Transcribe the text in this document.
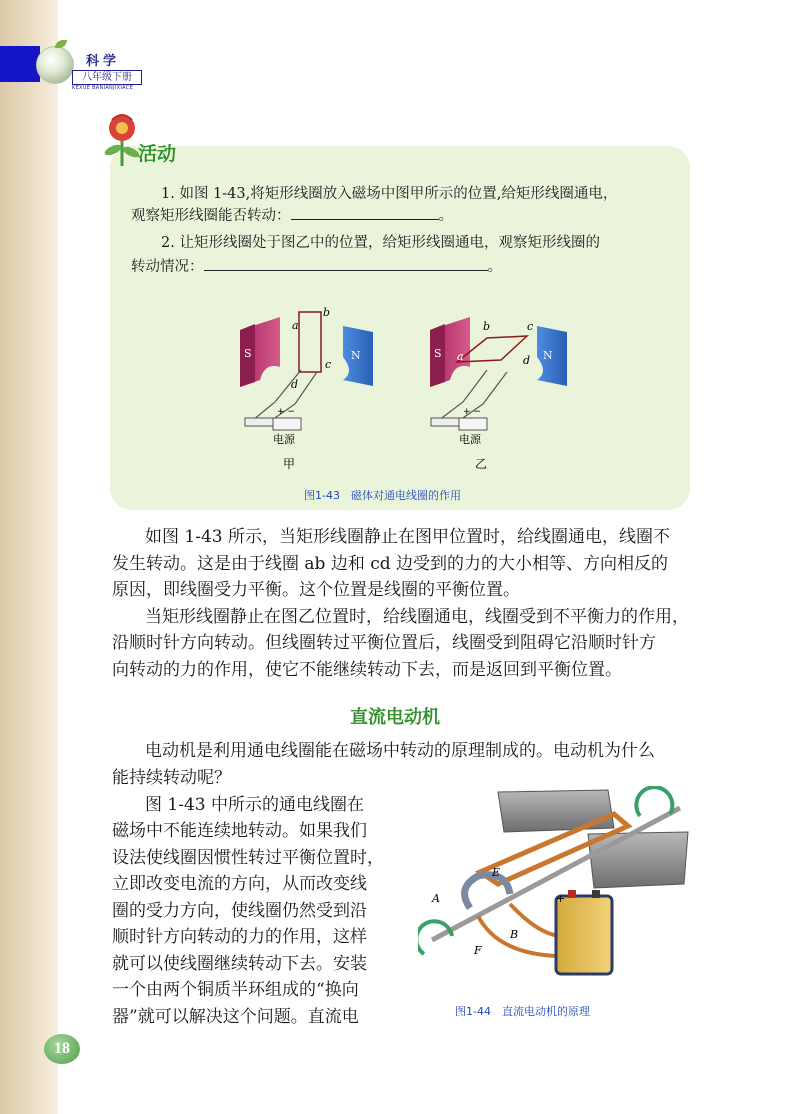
科学
八年级下册
KEXUE BANIANJIXIACE
活动
1. 如图 1-43,将矩形线圈放入磁场中图甲所示的位置,给矩形线圈通电，
观察矩形线圈能否转动：	。
2. 让矩形线圈处于图乙中的位置，给矩形线圈通电，观察矩形线圈的
转动情况：	。
S	N
a
b
c
d
+ −
电源
甲
S	N
a
b	c
d
+ −
电源
乙
图1-43　磁体对通电线圈的作用
如图 1-43 所示，当矩形线圈静止在图甲位置时，给线圈通电，线圈不
发生转动。这是由于线圈 ab 边和 cd 边受到的力的大小相等、方向相反的
原因，即线圈受力平衡。这个位置是线圈的平衡位置。
当矩形线圈静止在图乙位置时，给线圈通电，线圈受到不平衡力的作用，
沿顺时针方向转动。但线圈转过平衡位置后，线圈受到阻碍它沿顺时针方
向转动的力的作用，使它不能继续转动下去，而是返回到平衡位置。
直流电动机
电动机是利用通电线圈能在磁场中转动的原理制成的。电动机为什么
能持续转动呢？
图 1-43 中所示的通电线圈在
磁场中不能连续地转动。如果我们
设法使线圈因惯性转过平衡位置时，
立即改变电流的方向，从而改变线
圈的受力方向，使线圈仍然受到沿
顺时针方向转动的力的作用，这样
就可以使线圈继续转动下去。安装
一个由两个铜质半环组成的“换向
器”就可以解决这个问题。直流电
A
B
E
F
+
图1-44　直流电动机的原理
18
